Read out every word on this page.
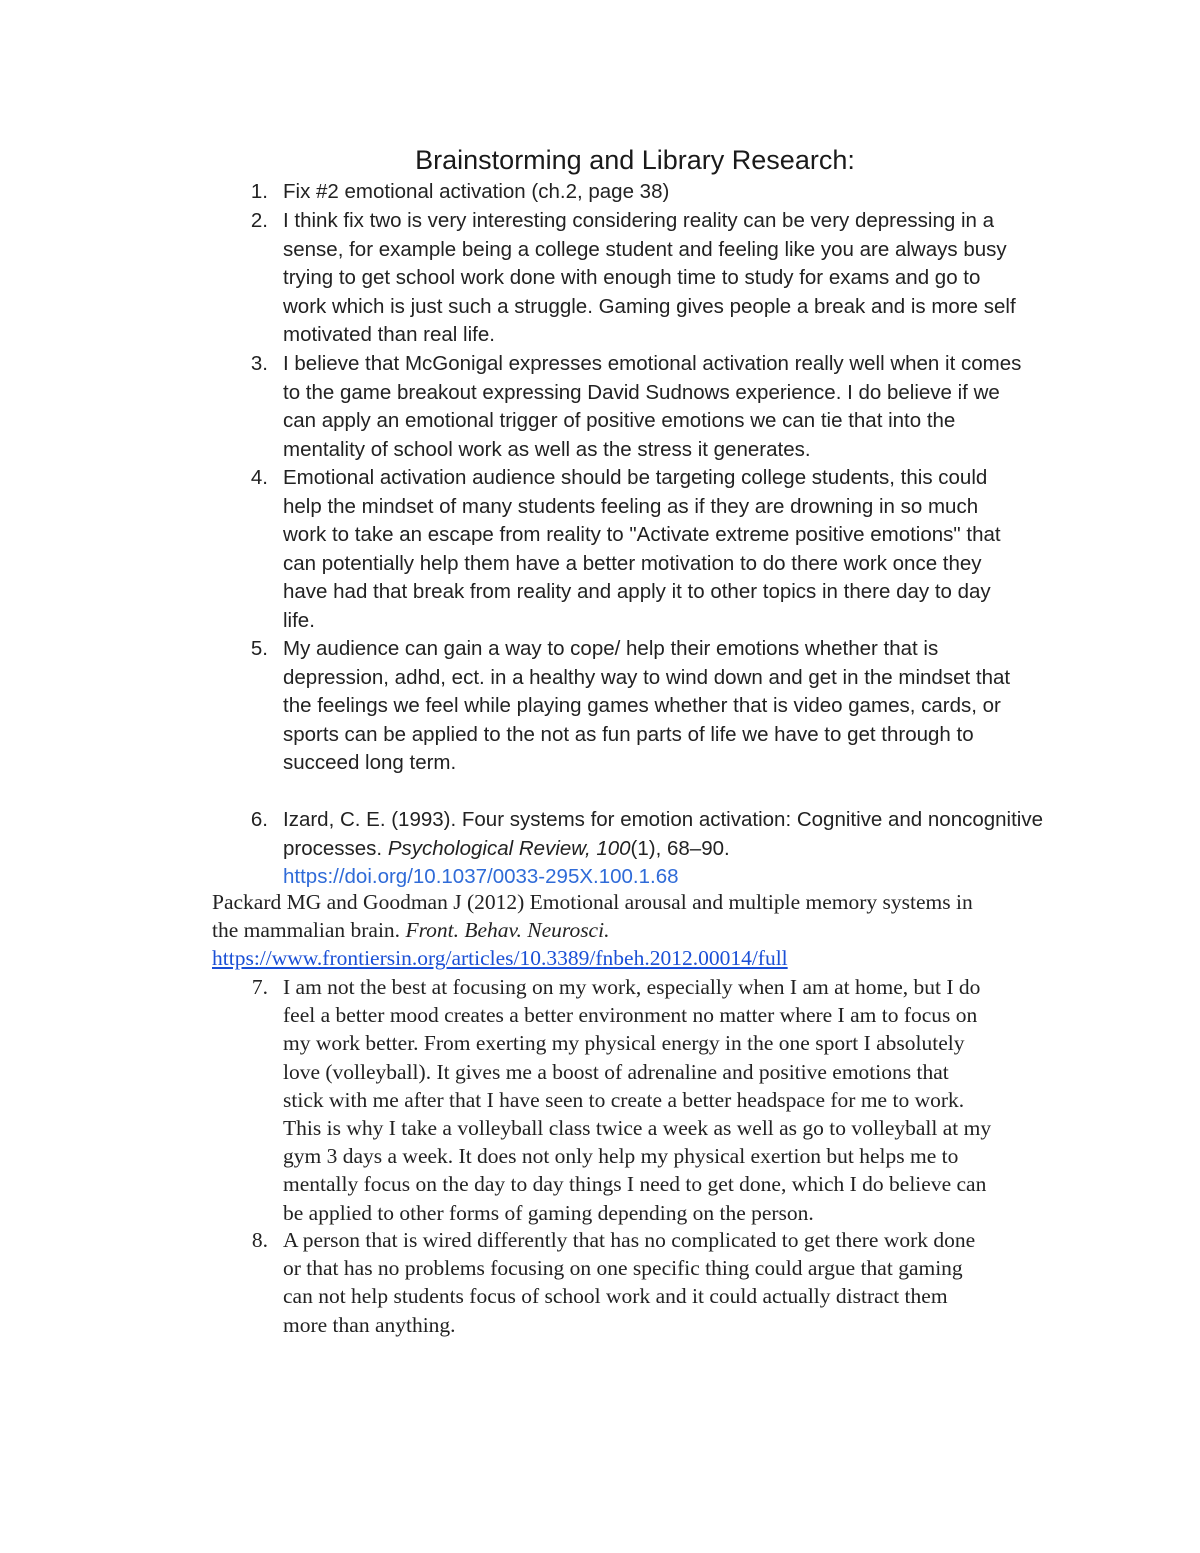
Brainstorming and Library Research:
1. Fix #2 emotional activation (ch.2, page 38)
2. I think fix two is very interesting considering reality can be very depressing in a
sense, for example being a college student and feeling like you are always busy
trying to get school work done with enough time to study for exams and go to
work which is just such a struggle. Gaming gives people a break and is more self
motivated than real life.
3. I believe that McGonigal expresses emotional activation really well when it comes
to the game breakout expressing David Sudnows experience. I do believe if we
can apply an emotional trigger of positive emotions we can tie that into the
mentality of school work as well as the stress it generates.
4. Emotional activation audience should be targeting college students, this could
help the mindset of many students feeling as if they are drowning in so much
work to take an escape from reality to "Activate extreme positive emotions" that
can potentially help them have a better motivation to do there work once they
have had that break from reality and apply it to other topics in there day to day
life.
5. My audience can gain a way to cope/ help their emotions whether that is
depression, adhd, ect. in a healthy way to wind down and get in the mindset that
the feelings we feel while playing games whether that is video games, cards, or
sports can be applied to the not as fun parts of life we have to get through to
succeed long term.
6. Izard, C. E. (1993). Four systems for emotion activation: Cognitive and noncognitive
processes. Psychological Review, 100(1), 68–90.
https://doi.org/10.1037/0033-295X.100.1.68
Packard MG and Goodman J (2012) Emotional arousal and multiple memory systems in
the mammalian brain. Front. Behav. Neurosci.
https://www.frontiersin.org/articles/10.3389/fnbeh.2012.00014/full
7. I am not the best at focusing on my work, especially when I am at home, but I do
feel a better mood creates a better environment no matter where I am to focus on
my work better. From exerting my physical energy in the one sport I absolutely
love (volleyball). It gives me a boost of adrenaline and positive emotions that
stick with me after that I have seen to create a better headspace for me to work.
This is why I take a volleyball class twice a week as well as go to volleyball at my
gym 3 days a week. It does not only help my physical exertion but helps me to
mentally focus on the day to day things I need to get done, which I do believe can
be applied to other forms of gaming depending on the person.
8. A person that is wired differently that has no complicated to get there work done
or that has no problems focusing on one specific thing could argue that gaming
can not help students focus of school work and it could actually distract them
more than anything.
